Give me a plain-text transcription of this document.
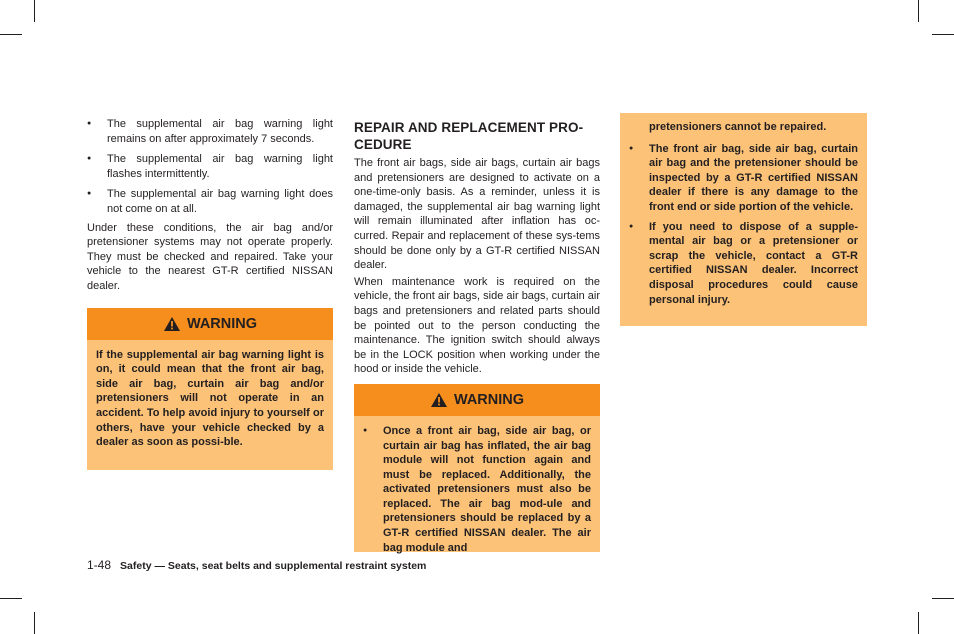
● The supplemental air bag warning light remains on after approximately 7 seconds.
● The supplemental air bag warning light flashes intermittently.
● The supplemental air bag warning light does not come on at all.

Under these conditions, the air bag and/or pretensioner systems may not operate properly. They must be checked and repaired. Take your vehicle to the nearest GT-R certified NISSAN dealer.

WARNING

If the supplemental air bag warning light is on, it could mean that the front air bag, side air bag, curtain air bag and/or pretensioners will not operate in an accident. To help avoid injury to yourself or others, have your vehicle checked by a dealer as soon as possi-ble.

REPAIR AND REPLACEMENT PRO-CEDURE

The front air bags, side air bags, curtain air bags and pretensioners are designed to activate on a one-time-only basis. As a reminder, unless it is damaged, the supplemental air bag warning light will remain illuminated after inflation has oc-curred. Repair and replacement of these sys-tems should be done only by a GT-R certified NISSAN dealer.

When maintenance work is required on the vehicle, the front air bags, side air bags, curtain air bags and pretensioners and related parts should be pointed out to the person conducting the maintenance. The ignition switch should always be in the LOCK position when working under the hood or inside the vehicle.

WARNING
● Once a front air bag, side air bag, or curtain air bag has inflated, the air bag module will not function again and must be replaced. Additionally, the activated pretensioners must also be replaced. The air bag mod-ule and pretensioners should be replaced by a GT-R certified NISSAN dealer. The air bag module and

pretensioners cannot be repaired.

● The front air bag, side air bag, curtain air bag and the pretensioner should be inspected by a GT-R certified NISSAN dealer if there is any damage to the front end or side portion of the vehicle.
● If you need to dispose of a supple-mental air bag or a pretensioner or scrap the vehicle, contact a GT-R certified NISSAN dealer. Incorrect disposal procedures could cause personal injury.
1-48 Safety — Seats, seat belts and supplemental restraint system
